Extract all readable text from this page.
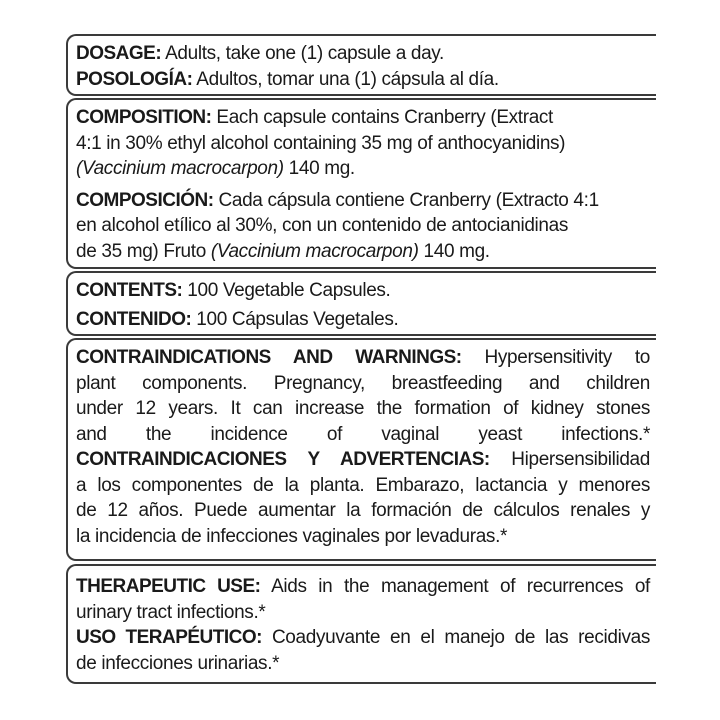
DOSAGE: Adults, take one (1) capsule a day.
POSOLOGÍA: Adultos, tomar una (1) cápsula al día.
COMPOSITION: Each capsule contains Cranberry (Extract
4:1 in 30% ethyl alcohol containing 35 mg of anthocyanidins)
(Vaccinium macrocarpon) 140 mg.
COMPOSICIÓN: Cada cápsula contiene Cranberry (Extracto 4:1
en alcohol etílico al 30%, con un contenido de antocianidinas
de 35 mg) Fruto (Vaccinium macrocarpon) 140 mg.
CONTENTS: 100 Vegetable Capsules.
CONTENIDO: 100 Cápsulas Vegetales.
CONTRAINDICATIONS AND WARNINGS: Hypersensitivity to
plant components. Pregnancy, breastfeeding and children
under 12 years. It can increase the formation of kidney stones
and the incidence of vaginal yeast infections.*
CONTRAINDICACIONES Y ADVERTENCIAS: Hipersensibilidad
a los componentes de la planta. Embarazo, lactancia y menores
de 12 años. Puede aumentar la formación de cálculos renales y
la incidencia de infecciones vaginales por levaduras.*
THERAPEUTIC USE: Aids in the management of recurrences of
urinary tract infections.*
USO TERAPÉUTICO: Coadyuvante en el manejo de las recidivas
de infecciones urinarias.*
